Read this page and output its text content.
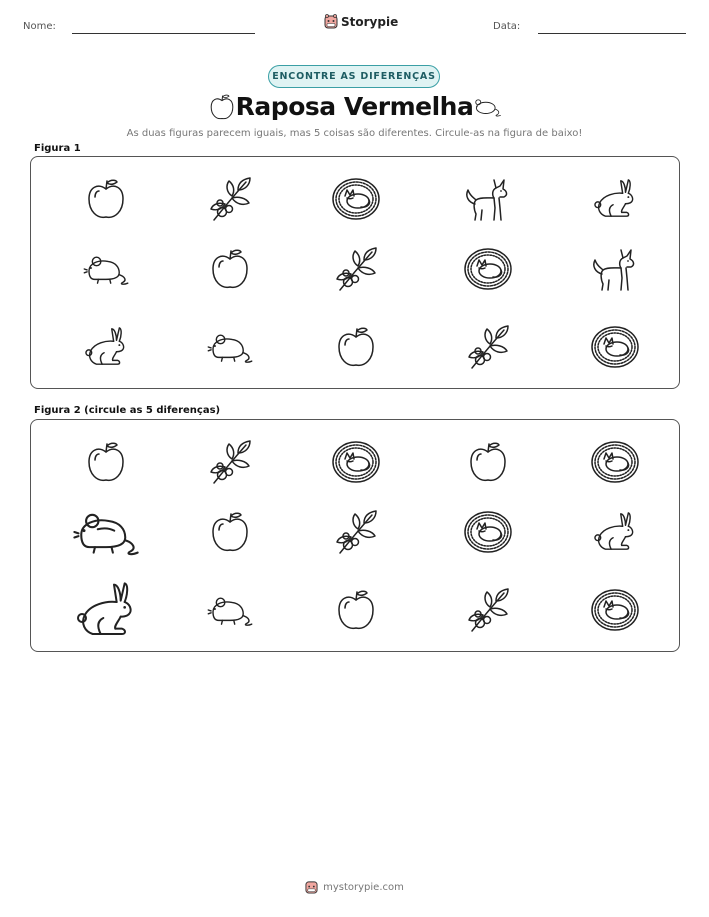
Nome:	Storypie	Data:
ENCONTRE AS DIFERENÇAS
Raposa Vermelha
As duas figuras parecem iguais, mas 5 coisas são diferentes. Circule-as na figura de baixo!
Figura 1
Figura 2 (circule as 5 diferenças)
mystorypie.com
